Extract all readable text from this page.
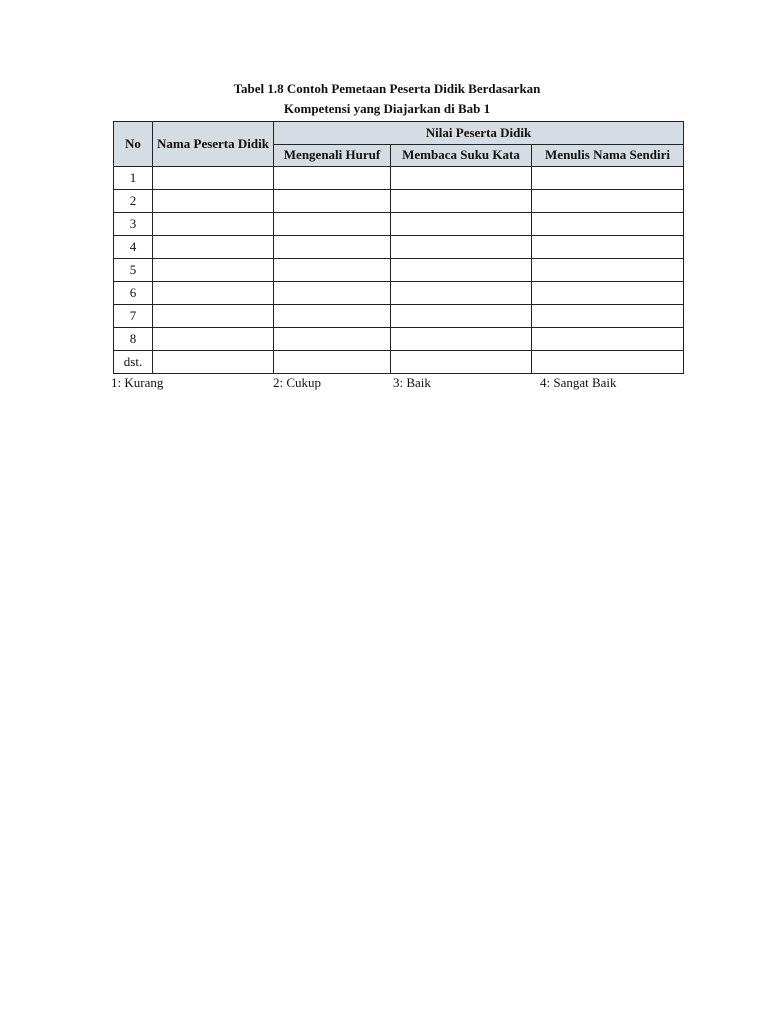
Tabel 1.8 Contoh Pemetaan Peserta Didik Berdasarkan
Kompetensi yang Diajarkan di Bab 1
No	Nama Peserta Didik	Nilai Peserta Didik		
		Mengenali Huruf	Membaca Suku Kata	Menulis Nama Sendiri
1				
2				
3				
4				
5				
6				
7				
8				
dst.				
1: Kurang	2: Cukup	3: Baik	4: Sangat Baik
